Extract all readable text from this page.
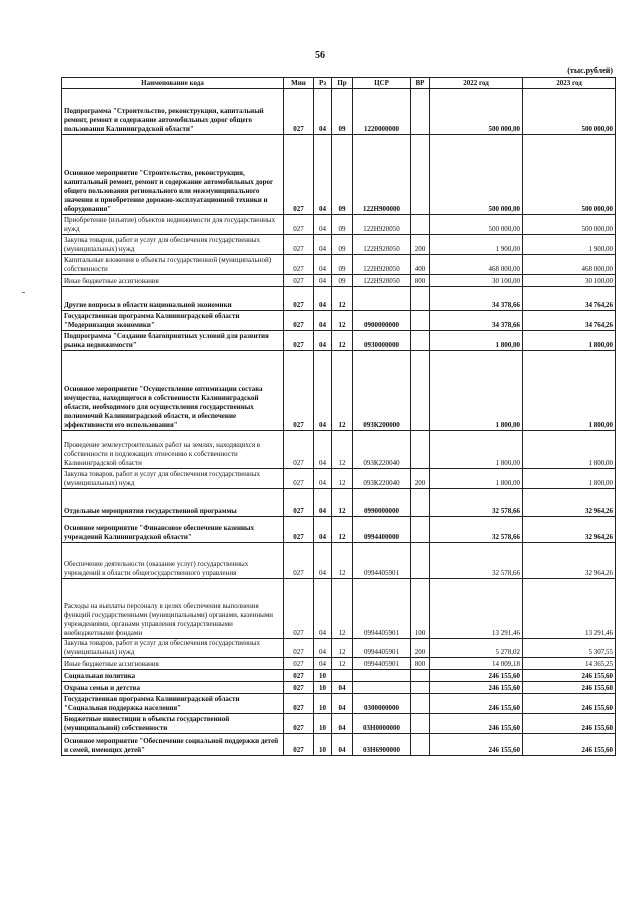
56
(тыс.рублей)
Наименование кода	Мин	Рз	Пр	ЦСР	ВР	2022 год	2023 год
Подпрограмма "Строительство, реконструкция, капитальный ремонт, ремонт и содержание автомобильных дорог общего пользования Калининградской области"	027	04	09	1220000000		500 000,00	500 000,00
Основное мероприятие "Строительство, реконструкция, капитальный ремонт, ремонт и содержание автомобильных дорог общего пользования регионального или межмуниципального значения и приобретение дорожно-эксплуатационной техники и оборудования"	027	04	09	122Н900000		500 000,00	500 000,00
Приобретение (изъятие) объектов недвижимости для государственных нужд	027	04	09	122Н920050		500 000,00	500 000,00
Закупка товаров, работ и услуг для обеспечения государственных (муниципальных) нужд	027	04	09	122Н920050	200	1 900,00	1 900,00
Капитальные вложения в объекты государственной (муниципальной) собственности	027	04	09	122Н920050	400	468 000,00	468 000,00
Иные бюджетные ассигнования	027	04	09	122Н920050	800	30 100,00	30 100,00
Другие вопросы в области национальной экономики	027	04	12			34 378,66	34 764,26
Государственная программа Калининградской области "Модернизация экономики"	027	04	12	0900000000		34 378,66	34 764,26
Подпрограмма "Создание благоприятных условий для развития рынка недвижимости"	027	04	12	0930000000		1 800,00	1 800,00
Основное мероприятие "Осуществление оптимизации состава имущества, находящегося в собственности Калининградской области, необходимого для осуществления государственных полномочий Калининградской области, и обеспечение эффективности его использования"	027	04	12	093К200000		1 800,00	1 800,00
Проведение землеустроительных работ на землях, находящихся в собственности и подлежащих отнесению к собственности Калининградской области	027	04	12	093К220040		1 800,00	1 800,00
Закупка товаров, работ и услуг для обеспечения государственных (муниципальных) нужд	027	04	12	093К220040	200	1 800,00	1 800,00
Отдельные мероприятия государственной программы	027	04	12	0990000000		32 578,66	32 964,26
Основное мероприятие "Финансовое обеспечение казенных учреждений Калининградской области"	027	04	12	0994400000		32 578,66	32 964,26
Обеспечение деятельности (оказание услуг) государственных учреждений в области общегосударственного управления	027	04	12	0994405901		32 578,66	32 964,26
Расходы на выплаты персоналу в целях обеспечения выполнения функций государственными (муниципальными) органами, казенными учреждениями, органами управления государственными внебюджетными фондами	027	04	12	0994405901	100	13 291,46	13 291,46
Закупка товаров, работ и услуг для обеспечения государственных (муниципальных) нужд	027	04	12	0994405901	200	5 278,02	5 307,55
Иные бюджетные ассигнования	027	04	12	0994405901	800	14 009,18	14 365,25
Социальная политика	027	10				246 155,60	246 155,60
Охрана семьи и детства	027	10	04			246 155,60	246 155,60
Государственная программа Калининградской области "Социальная поддержка населения"	027	10	04	0300000000		246 155,60	246 155,60
Бюджетные инвестиции в объекты государственной (муниципальной) собственности	027	10	04	03Н0000000		246 155,60	246 155,60
Основное мероприятие "Обеспечение социальной поддержки детей и семей, имеющих детей"	027	10	04	03Н6900000		246 155,60	246 155,60
